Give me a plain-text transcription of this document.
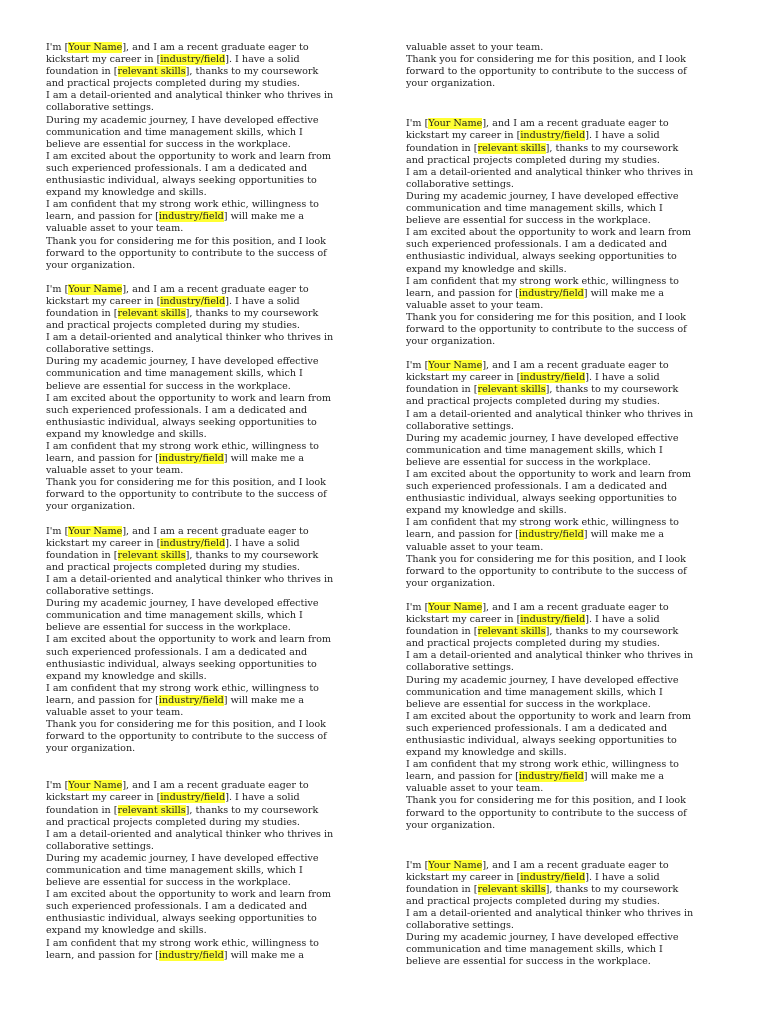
I'm [Your Name], and I am a recent graduate eager to
kickstart my career in [industry/field]. I have a solid
foundation in [relevant skills], thanks to my coursework
and practical projects completed during my studies.
I am a detail-oriented and analytical thinker who thrives in
collaborative settings.
During my academic journey, I have developed effective
communication and time management skills, which I
believe are essential for success in the workplace.
I am excited about the opportunity to work and learn from
such experienced professionals. I am a dedicated and
enthusiastic individual, always seeking opportunities to
expand my knowledge and skills.
I am confident that my strong work ethic, willingness to
learn, and passion for [industry/field] will make me a
valuable asset to your team.
Thank you for considering me for this position, and I look
forward to the opportunity to contribute to the success of
your organization.
I'm [Your Name], and I am a recent graduate eager to
kickstart my career in [industry/field]. I have a solid
foundation in [relevant skills], thanks to my coursework
and practical projects completed during my studies.
I am a detail-oriented and analytical thinker who thrives in
collaborative settings.
During my academic journey, I have developed effective
communication and time management skills, which I
believe are essential for success in the workplace.
I am excited about the opportunity to work and learn from
such experienced professionals. I am a dedicated and
enthusiastic individual, always seeking opportunities to
expand my knowledge and skills.
I am confident that my strong work ethic, willingness to
learn, and passion for [industry/field] will make me a
valuable asset to your team.
Thank you for considering me for this position, and I look
forward to the opportunity to contribute to the success of
your organization.
I'm [Your Name], and I am a recent graduate eager to
kickstart my career in [industry/field]. I have a solid
foundation in [relevant skills], thanks to my coursework
and practical projects completed during my studies.
I am a detail-oriented and analytical thinker who thrives in
collaborative settings.
During my academic journey, I have developed effective
communication and time management skills, which I
believe are essential for success in the workplace.
I am excited about the opportunity to work and learn from
such experienced professionals. I am a dedicated and
enthusiastic individual, always seeking opportunities to
expand my knowledge and skills.
I am confident that my strong work ethic, willingness to
learn, and passion for [industry/field] will make me a
valuable asset to your team.
Thank you for considering me for this position, and I look
forward to the opportunity to contribute to the success of
your organization.
I'm [Your Name], and I am a recent graduate eager to
kickstart my career in [industry/field]. I have a solid
foundation in [relevant skills], thanks to my coursework
and practical projects completed during my studies.
I am a detail-oriented and analytical thinker who thrives in
collaborative settings.
During my academic journey, I have developed effective
communication and time management skills, which I
believe are essential for success in the workplace.
I am excited about the opportunity to work and learn from
such experienced professionals. I am a dedicated and
enthusiastic individual, always seeking opportunities to
expand my knowledge and skills.
I am confident that my strong work ethic, willingness to
learn, and passion for [industry/field] will make me a
valuable asset to your team.
Thank you for considering me for this position, and I look
forward to the opportunity to contribute to the success of
your organization.
I'm [Your Name], and I am a recent graduate eager to
kickstart my career in [industry/field]. I have a solid
foundation in [relevant skills], thanks to my coursework
and practical projects completed during my studies.
I am a detail-oriented and analytical thinker who thrives in
collaborative settings.
During my academic journey, I have developed effective
communication and time management skills, which I
believe are essential for success in the workplace.
I am excited about the opportunity to work and learn from
such experienced professionals. I am a dedicated and
enthusiastic individual, always seeking opportunities to
expand my knowledge and skills.
I am confident that my strong work ethic, willingness to
learn, and passion for [industry/field] will make me a
valuable asset to your team.
Thank you for considering me for this position, and I look
forward to the opportunity to contribute to the success of
your organization.
I'm [Your Name], and I am a recent graduate eager to
kickstart my career in [industry/field]. I have a solid
foundation in [relevant skills], thanks to my coursework
and practical projects completed during my studies.
I am a detail-oriented and analytical thinker who thrives in
collaborative settings.
During my academic journey, I have developed effective
communication and time management skills, which I
believe are essential for success in the workplace.
I am excited about the opportunity to work and learn from
such experienced professionals. I am a dedicated and
enthusiastic individual, always seeking opportunities to
expand my knowledge and skills.
I am confident that my strong work ethic, willingness to
learn, and passion for [industry/field] will make me a
valuable asset to your team.
Thank you for considering me for this position, and I look
forward to the opportunity to contribute to the success of
your organization.
I'm [Your Name], and I am a recent graduate eager to
kickstart my career in [industry/field]. I have a solid
foundation in [relevant skills], thanks to my coursework
and practical projects completed during my studies.
I am a detail-oriented and analytical thinker who thrives in
collaborative settings.
During my academic journey, I have developed effective
communication and time management skills, which I
believe are essential for success in the workplace.
I am excited about the opportunity to work and learn from
such experienced professionals. I am a dedicated and
enthusiastic individual, always seeking opportunities to
expand my knowledge and skills.
I am confident that my strong work ethic, willingness to
learn, and passion for [industry/field] will make me a
valuable asset to your team.
Thank you for considering me for this position, and I look
forward to the opportunity to contribute to the success of
your organization.
I'm [Your Name], and I am a recent graduate eager to
kickstart my career in [industry/field]. I have a solid
foundation in [relevant skills], thanks to my coursework
and practical projects completed during my studies.
I am a detail-oriented and analytical thinker who thrives in
collaborative settings.
During my academic journey, I have developed effective
communication and time management skills, which I
believe are essential for success in the workplace.
